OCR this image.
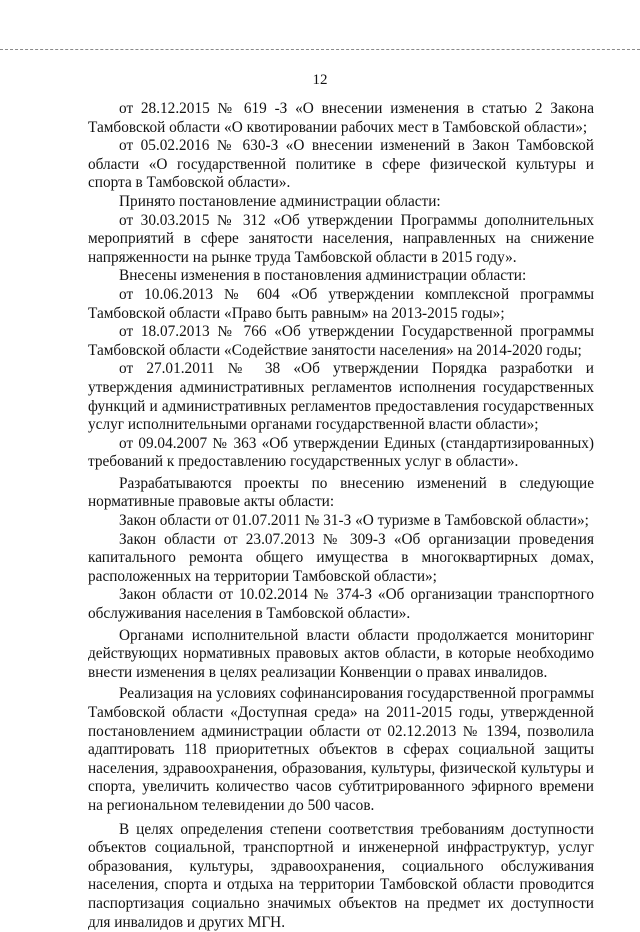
12

от 28.12.2015 № 619 -З «О внесении изменения в статью 2 Закона Тамбовской области «О квотировании рабочих мест в Тамбовской области»;

от 05.02.2016 № 630-З «О внесении изменений в Закон Тамбовской области «О государственной политике в сфере физической культуры и спорта в Тамбовской области».

Принято постановление администрации области:

от 30.03.2015 № 312 «Об утверждении Программы дополнительных мероприятий в сфере занятости населения, направленных на снижение напряженности на рынке труда Тамбовской области в 2015 году».

Внесены изменения в постановления администрации области:

от 10.06.2013 № 604 «Об утверждении комплексной программы Тамбовской области «Право быть равным» на 2013-2015 годы»;

от 18.07.2013 № 766 «Об утверждении Государственной программы Тамбовской области «Содействие занятости населения» на 2014-2020 годы;

от 27.01.2011 № 38 «Об утверждении Порядка разработки и утверждения административных регламентов исполнения государственных функций и административных регламентов предоставления государственных услуг исполнительными органами государственной власти области»;

от 09.04.2007 № 363 «Об утверждении Единых (стандартизированных) требований к предоставлению государственных услуг в области».

Разрабатываются проекты по внесению изменений в следующие нормативные правовые акты области:

Закон области от 01.07.2011 № 31-З «О туризме в Тамбовской области»;

Закон области от 23.07.2013 № 309-З «Об организации проведения капитального ремонта общего имущества в многоквартирных домах, расположенных на территории Тамбовской области»;

Закон области от 10.02.2014 № 374-З «Об организации транспортного обслуживания населения в Тамбовской области».

Органами исполнительной власти области продолжается мониторинг действующих нормативных правовых актов области, в которые необходимо внести изменения в целях реализации Конвенции о правах инвалидов.

Реализация на условиях софинансирования государственной программы Тамбовской области «Доступная среда» на 2011-2015 годы, утвержденной постановлением администрации области от 02.12.2013 № 1394, позволила адаптировать 118 приоритетных объектов в сферах социальной защиты населения, здравоохранения, образования, культуры, физической культуры и спорта, увеличить количество часов субтитрированного эфирного времени на региональном телевидении до 500 часов.

В целях определения степени соответствия требованиям доступности объектов социальной, транспортной и инженерной инфраструктур, услуг образования, культуры, здравоохранения, социального обслуживания населения, спорта и отдыха на территории Тамбовской области проводится паспортизация социально значимых объектов на предмет их доступности для инвалидов и других МГН.
